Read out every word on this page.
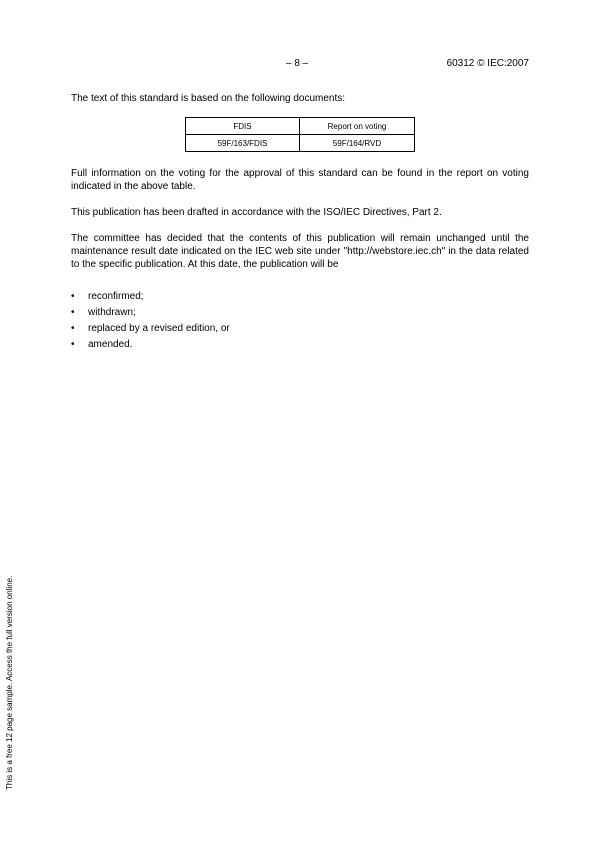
– 8 –	60312 © IEC:2007

The text of this standard is based on the following documents:

FDIS	Report on voting
59F/163/FDIS	59F/164/RVD

Full information on the voting for the approval of this standard can be found in the report on voting indicated in the above table.

This publication has been drafted in accordance with the ISO/IEC Directives, Part 2.

The committee has decided that the contents of this publication will remain unchanged until the maintenance result date indicated on the IEC web site under "http://webstore.iec.ch" in the data related to the specific publication. At this date, the publication will be

• reconfirmed;
• withdrawn;
• replaced by a revised edition, or
• amended.
This is a free 12 page sample. Access the full version online.
